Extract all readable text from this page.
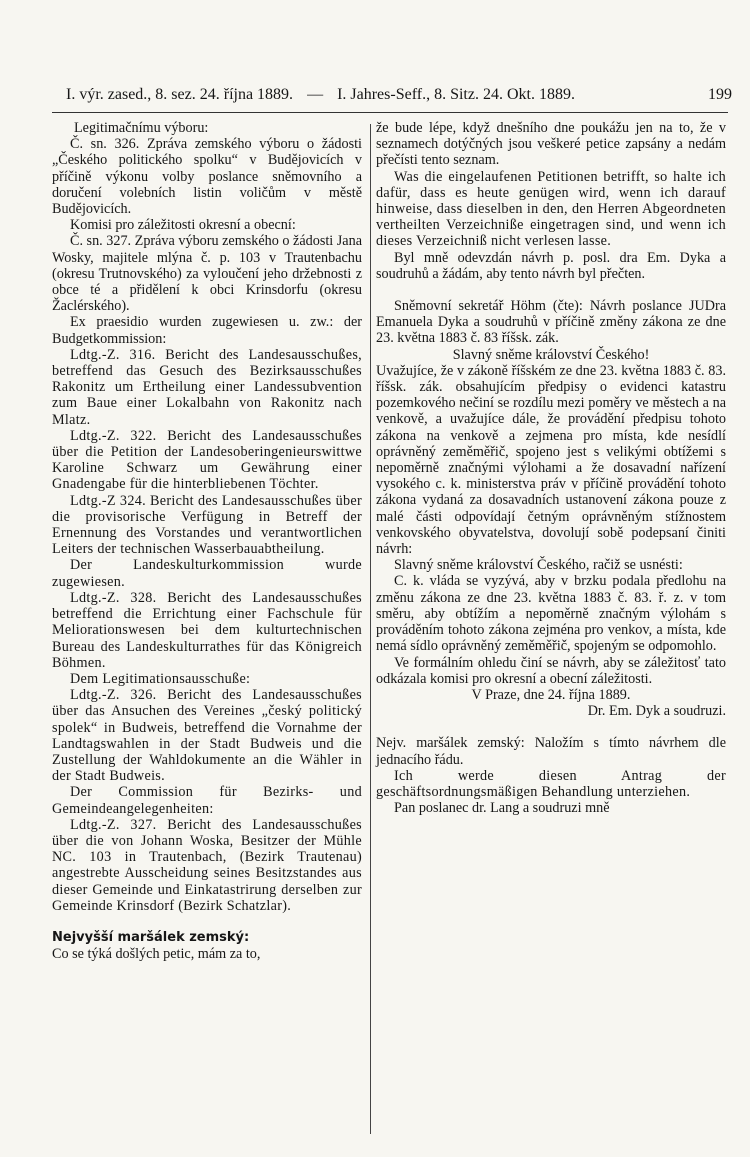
I. výr. zased., 8. sez. 24. října 1889. — I. Jahres-Seff., 8. Sitz. 24. Okt. 1889.	199

Legitimačnímu výboru:

Č. sn. 326. Zpráva zemského výboru o žádosti „Českého politického spolku“ v Budějovicích v příčině výkonu volby poslance sněmovního a doručení volebních listin voličům v městě Budějovicích.

Komisi pro záležitosti okresní a obecní:

Č. sn. 327. Zpráva výboru zemského o žádosti Jana Wosky, majitele mlýna č. p. 103 v Trautenbachu (okresu Trutnovského) za vyloučení jeho držebnosti z obce té a přidělení k obci Krinsdorfu (okresu Žaclérského).

Ex praesidio wurden zugewiesen u. zw.: der Budgetkommission:

Ldtg.-Z. 316. Bericht des Landesausschußes, betreffend das Gesuch des Bezirksausschußes Rakonitz um Ertheilung einer Landessubvention zum Baue einer Lokalbahn von Rakonitz nach Mlatz.

Ldtg.-Z. 322. Bericht des Landesausschußes über die Petition der Landesoberingenieurswittwe Karoline Schwarz um Gewährung einer Gnadengabe für die hinterbliebenen Töchter.

Ldtg.-Z 324. Bericht des Landesausschußes über die provisorische Verfügung in Betreff der Ernennung des Vorstandes und verantwortlichen Leiters der technischen Wasserbauabtheilung.

Der Landeskulturkommission wurde zugewiesen.

Ldtg.-Z. 328. Bericht des Landesausschußes betreffend die Errichtung einer Fachschule für Meliorationswesen bei dem kulturtechnischen Bureau des Landeskulturrathes für das Königreich Böhmen.

Dem Legitimationsausschuße:

Ldtg.-Z. 326. Bericht des Landesausschußes über das Ansuchen des Vereines „český politický spolek“ in Budweis, betreffend die Vornahme der Landtagswahlen in der Stadt Budweis und die Zustellung der Wahldokumente an die Wähler in der Stadt Budweis.

Der Commission für Bezirks- und Gemeindeangelegenheiten:

Ldtg.-Z. 327. Bericht des Landesausschußes über die von Johann Woska, Besitzer der Mühle NC. 103 in Trautenbach, (Bezirk Trautenau) angestrebte Ausscheidung seines Besitzstandes aus dieser Gemeinde und Einkatastrirung derselben zur Gemeinde Krinsdorf (Bezirk Schatzlar).

Nejvyšší maršálek zemský:

Co se týká došlých petic, mám za to,

že bude lépe, když dnešního dne poukážu jen na to, že v seznamech dotýčných jsou veškeré petice zapsány a nedám přečísti tento seznam.

Was die eingelaufenen Petitionen betrifft, so halte ich dafür, dass es heute genügen wird, wenn ich darauf hinweise, dass dieselben in den, den Herren Abgeordneten vertheilten Verzeichniße eingetragen sind, und wenn ich dieses Verzeichniß nicht verlesen lasse.

Byl mně odevzdán návrh p. posl. dra Em. Dyka a soudruhů a žádám, aby tento návrh byl přečten.

Sněmovní sekretář Höhm (čte): Návrh poslance JUDra Emanuela Dyka a soudruhů v příčině změny zákona ze dne 23. května 1883 č. 83 říšsk. zák.

Slavný sněme království Českého!

Uvažujíce, že v zákoně říšském ze dne 23. května 1883 č. 83. říšsk. zák. obsahujícím předpisy o evidenci katastru pozemkového nečiní se rozdílu mezi poměry ve městech a na venkově, a uvažujíce dále, že provádění předpisu tohoto zákona na venkově a zejmena pro místa, kde nesídlí oprávněný zeměměřič, spojeno jest s velikými obtížemi s nepoměrně značnými výlohami a že dosavadní nařízení vysokého c. k. ministerstva práv v příčině provádění tohoto zákona vydaná za dosavadních ustanovení zákona pouze z malé části odpovídají četným oprávněným stížnostem venkovského obyvatelstva, dovolují sobě podepsaní činiti návrh:

Slavný sněme království Českého, račiž se usnésti:

C. k. vláda se vyzývá, aby v brzku podala předlohu na změnu zákona ze dne 23. května 1883 č. 83. ř. z. v tom směru, aby obtížím a nepoměrně značným výlohám s prováděním tohoto zákona zejména pro venkov, a místa, kde nemá sídlo oprávněný zeměměřič, spojeným se odpomohlo.

Ve formálním ohledu činí se návrh, aby se záležitosť tato odkázala komisi pro okresní a obecní záležitosti.

V Praze, dne 24. října 1889.

Dr. Em. Dyk a soudruzi.

Nejv. maršálek zemský: Naložím s tímto návrhem dle jednacího řádu.

Ich werde diesen Antrag der geschäftsordnungsmäßigen Behandlung unterziehen.

Pan poslanec dr. Lang a soudruzi mně
